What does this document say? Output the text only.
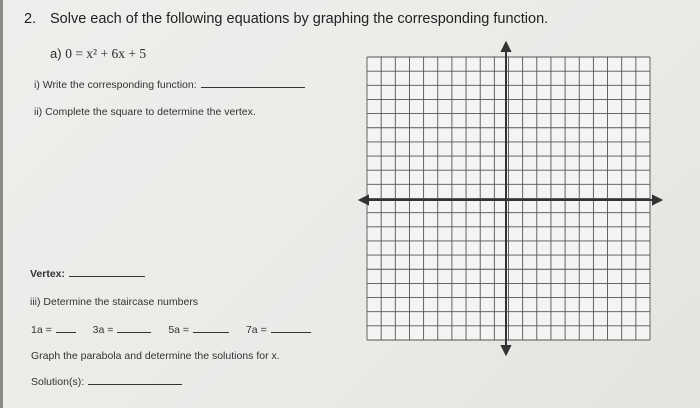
2. Solve each of the following equations by graphing the corresponding function.
a) 0 = x² + 6x + 5
i) Write the corresponding function:
ii) Complete the square to determine the vertex.
Vertex:
iii) Determine the staircase numbers
1a =	3a =	5a =	7a =
Graph the parabola and determine the solutions for x.
Solution(s):
